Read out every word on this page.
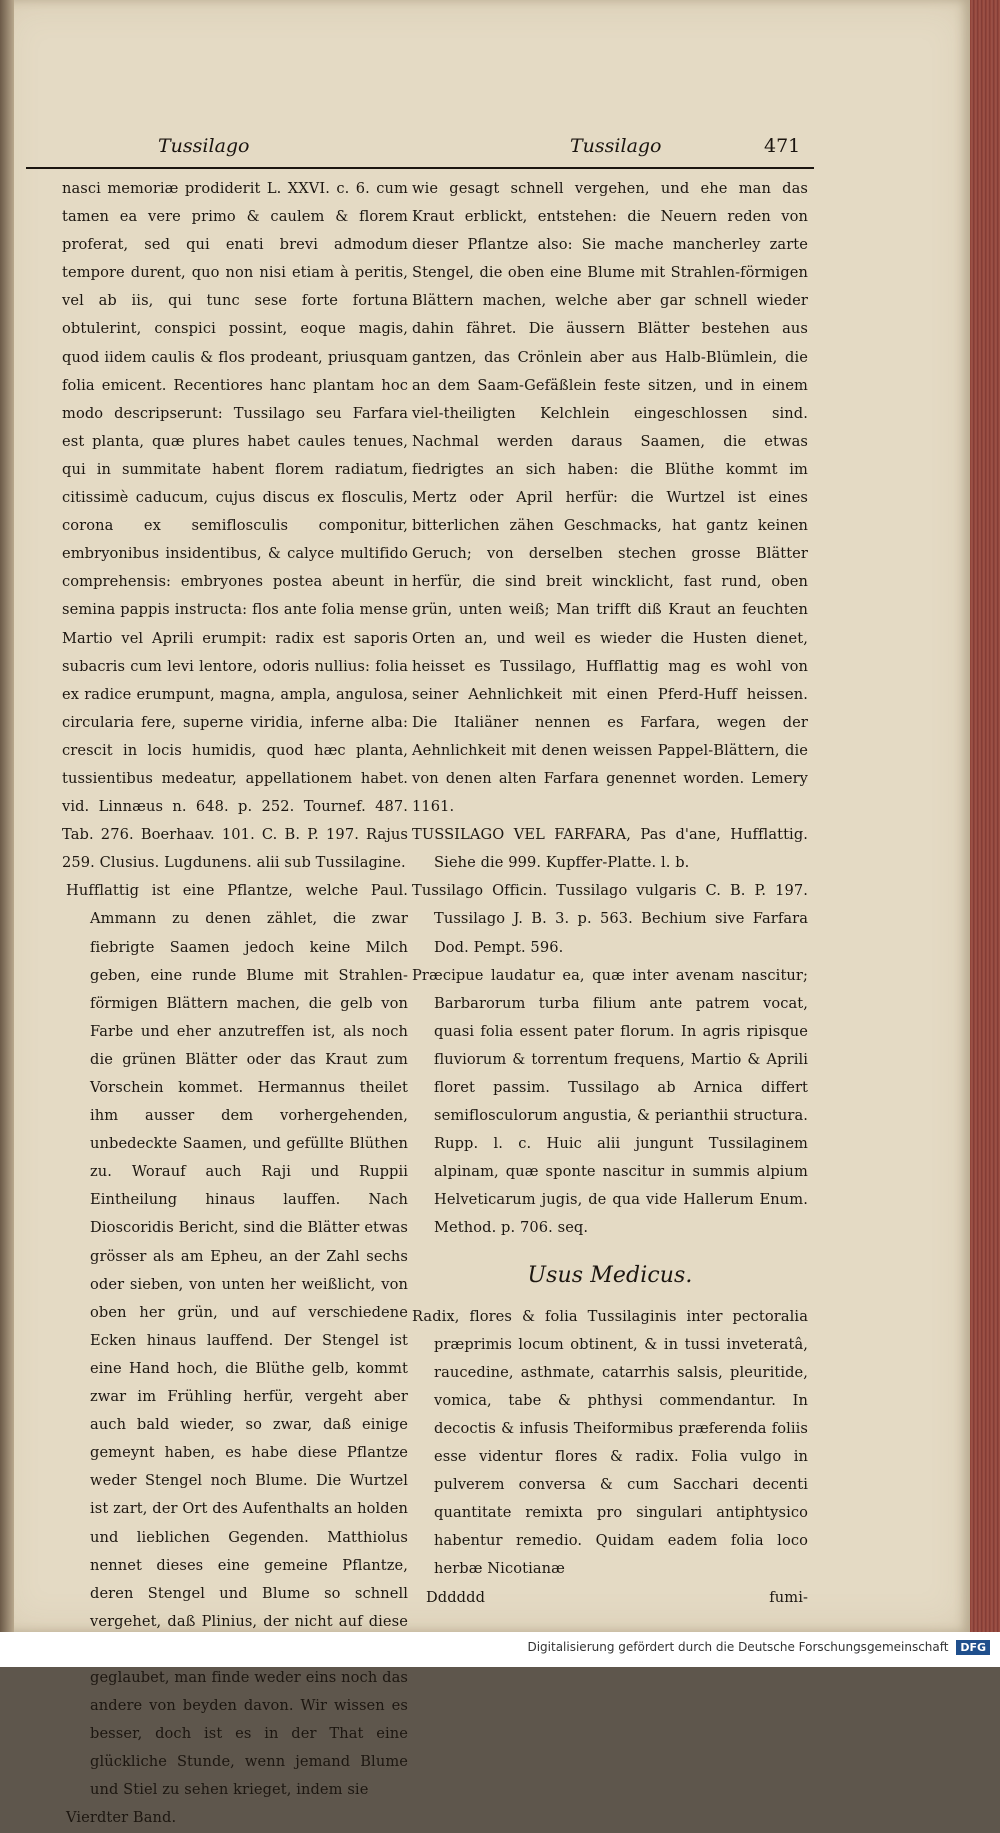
Tussilago	Tussilago	471

nasci memoriæ prodiderit L. XXVI. c. 6. cum tamen ea vere primo & caulem & florem proferat, sed qui enati brevi admodum tempore durent, quo non nisi etiam à peritis, vel ab iis, qui tunc sese forte fortuna obtulerint, conspici possint, eoque magis, quod iidem caulis & flos prodeant, priusquam folia emicent. Recentiores hanc plantam hoc modo descripserunt: Tussilago seu Farfara est planta, quæ plures habet caules tenues, qui in summitate habent florem radiatum, citissimè caducum, cujus discus ex flosculis, corona ex semiflosculis componitur, embryonibus insidentibus, & calyce multifido comprehensis: embryones postea abeunt in semina pappis instructa: flos ante folia mense Martio vel Aprili erumpit: radix est saporis subacris cum levi lentore, odoris nullius: folia ex radice erumpunt, magna, ampla, angulosa, circularia fere, superne viridia, inferne alba: crescit in locis humidis, quod hæc planta, tussientibus medeatur, appellationem habet. vid. Linnæus n. 648. p. 252. Tournef. 487. Tab. 276. Boerhaav. 101. C. B. P. 197. Rajus 259. Clusius. Lugdunens. alii sub Tussilagine.

Hufflattig ist eine Pflantze, welche Paul. Ammann zu denen zählet, die zwar fiebrigte Saamen jedoch keine Milch geben, eine runde Blume mit Strahlen-förmigen Blättern machen, die gelb von Farbe und eher anzutreffen ist, als noch die grünen Blätter oder das Kraut zum Vorschein kommet. Hermannus theilet ihm ausser dem vorhergehenden, unbedeckte Saamen, und gefüllte Blüthen zu. Worauf auch Raji und Ruppii Eintheilung hinaus lauffen. Nach Dioscoridis Bericht, sind die Blätter etwas grösser als am Epheu, an der Zahl sechs oder sieben, von unten her weißlicht, von oben her grün, und auf verschiedene Ecken hinaus lauffend. Der Stengel ist eine Hand hoch, die Blüthe gelb, kommt zwar im Frühling herfür, vergeht aber auch bald wieder, so zwar, daß einige gemeynt haben, es habe diese Pflantze weder Stengel noch Blume. Die Wurtzel ist zart, der Ort des Aufenthalts an holden und lieblichen Gegenden. Matthiolus nennet dieses eine gemeine Pflantze, deren Stengel und Blume so schnell vergehet, daß Plinius, der nicht auf diese geglaubet, man finde weder eins noch das andere von beyden davon. Wir wissen es besser, doch ist es in der That eine glückliche Stunde, wenn jemand Blume und Stiel zu sehen krieget, indem sie

Vierdter Band.

wie gesagt schnell vergehen, und ehe man das Kraut erblickt, entstehen: die Neuern reden von dieser Pflantze also: Sie mache mancherley zarte Stengel, die oben eine Blume mit Strahlen-förmigen Blättern machen, welche aber gar schnell wieder dahin fähret. Die äussern Blätter bestehen aus gantzen, das Crönlein aber aus Halb-Blümlein, die an dem Saam-Gefäßlein feste sitzen, und in einem viel-theiligten Kelchlein eingeschlossen sind. Nachmal werden daraus Saamen, die etwas fiedrigtes an sich haben: die Blüthe kommt im Mertz oder April herfür: die Wurtzel ist eines bitterlichen zähen Geschmacks, hat gantz keinen Geruch; von derselben stechen grosse Blätter herfür, die sind breit wincklicht, fast rund, oben grün, unten weiß; Man trifft diß Kraut an feuchten Orten an, und weil es wieder die Husten dienet, heisset es Tussilago, Hufflattig mag es wohl von seiner Aehnlichkeit mit einen Pferd-Huff heissen. Die Italiäner nennen es Farfara, wegen der Aehnlichkeit mit denen weissen Pappel-Blättern, die von denen alten Farfara genennet worden. Lemery 1161.

TUSSILAGO VEL FARFARA, Pas d'ane, Hufflattig. Siehe die 999. Kupffer-Platte. l. b.

Tussilago Officin. Tussilago vulgaris C. B. P. 197. Tussilago J. B. 3. p. 563. Bechium sive Farfara Dod. Pempt. 596.

Præcipue laudatur ea, quæ inter avenam nascitur; Barbarorum turba filium ante patrem vocat, quasi folia essent pater florum. In agris ripisque fluviorum & torrentum frequens, Martio & Aprili floret passim. Tussilago ab Arnica differt semiflosculorum angustia, & perianthii structura. Rupp. l. c. Huic alii jungunt Tussilaginem alpinam, quæ sponte nascitur in summis alpium Helveticarum jugis, de qua vide Hallerum Enum. Method. p. 706. seq.

Usus Medicus.

Radix, flores & folia Tussilaginis inter pectoralia præprimis locum obtinent, & in tussi inveteratâ, raucedine, asthmate, catarrhis salsis, pleuritide, vomica, tabe & phthysi commendantur. In decoctis & infusis Theiformibus præferenda foliis esse videntur flores & radix. Folia vulgo in pulverem conversa & cum Sacchari decenti quantitate remixta pro singulari antiphtysico habentur remedio. Quidam eadem folia loco herbæ Nicotianæ

Dddddd	fumi-
Digitalisierung gefördert durch die Deutsche Forschungsgemeinschaft DFG
